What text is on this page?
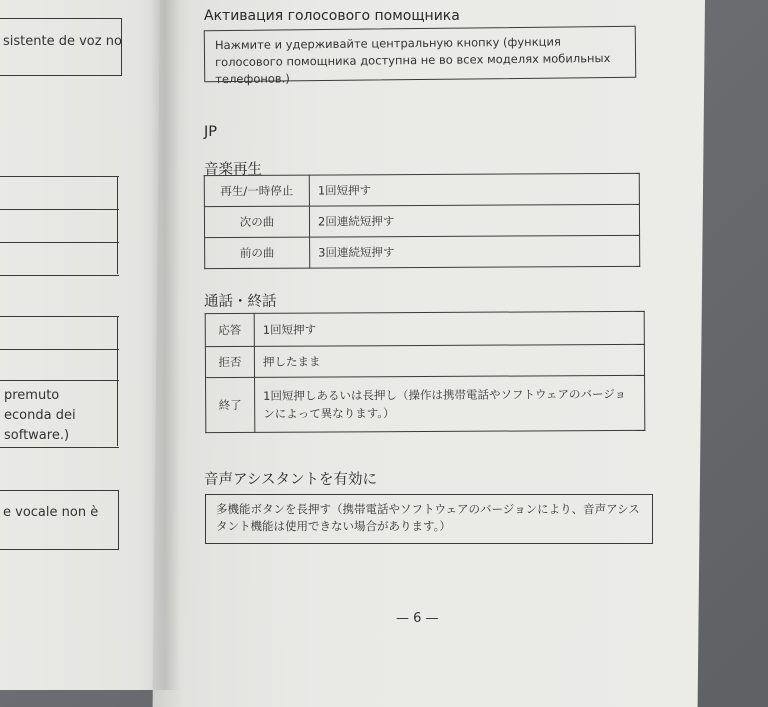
sistente de voz no
premuto
econda dei
software.)
e vocale non è
Активация голосового помощника
Нажмите и удерживайте центральную кнопку (функция голосового помощника доступна не во всех моделях мобильных телефонов.)
JP
音楽再生
再生/一時停止	1回短押す
次の曲	2回連続短押す
前の曲	3回連続短押す
通話・終話
応答	1回短押す
拒否	押したまま
終了	1回短押しあるいは長押し（操作は携帯電話やソフトウェアのバージョンによって異なります。）
音声アシスタントを有効に
多機能ボタンを長押す（携帯電話やソフトウェアのバージョンにより、音声アシスタント機能は使用できない場合があります。）
— 6 —
